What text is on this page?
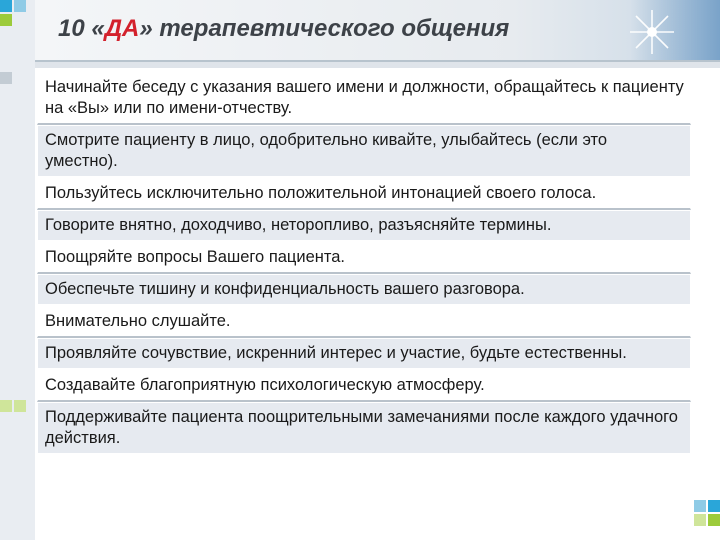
10 «ДА» терапевтического общения
Начинайте беседу с указания вашего имени и должности, обращайтесь к пациенту на «Вы» или по имени-отчеству.
Смотрите пациенту в лицо, одобрительно кивайте, улыбайтесь (если это уместно).
Пользуйтесь исключительно положительной интонацией своего голоса.
Говорите внятно, доходчиво, неторопливо, разъясняйте термины.
Поощряйте вопросы Вашего пациента.
Обеспечьте тишину и конфиденциальность вашего разговора.
Внимательно слушайте.
Проявляйте сочувствие, искренний интерес и участие, будьте естественны.
Создавайте благоприятную психологическую атмосферу.
Поддерживайте пациента поощрительными замечаниями после каждого удачного действия.
